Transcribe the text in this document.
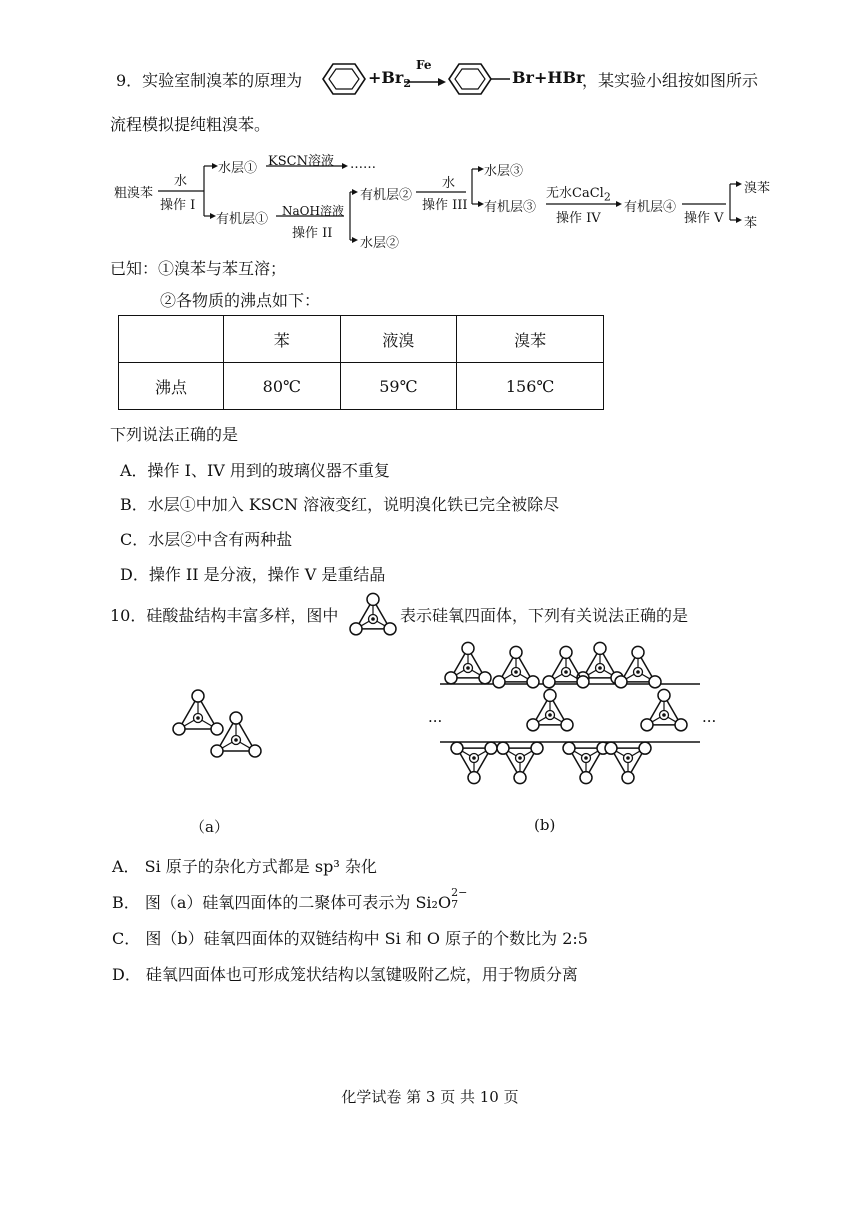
9．实验室制溴苯的原理为	$+Br_2$
Fe
Br+HBr
，某实验小组按如图所示
流程模拟提纯粗溴苯。
粗溴苯
水
操作 I
水层① KSCN溶液 ……
有机层①
NaOH溶液
操作 II
有机层②
水层②
水
操作 III
水层③
有机层③
无水CaCl$_2$
操作 IV
有机层④
操作 V
溴苯
苯
已知：①溴苯与苯互溶；
②各物质的沸点如下：
	苯	液溴	溴苯
沸点	80℃	59℃	156℃
下列说法正确的是
A．操作 I、IV 用到的玻璃仪器不重复
B．水层①中加入 KSCN 溶液变红，说明溴化铁已完全被除尽
C．水层②中含有两种盐
D．操作 II 是分液，操作 V 是重结晶
10．硅酸盐结构丰富多样，图中	表示硅氧四面体，下列有关说法正确的是
···	···
（a）	(b)
A． Si 原子的杂化方式都是 sp³ 杂化
B． 图（a）硅氧四面体的二聚体可表示为 Si₂O
2−
7
C． 图（b）硅氧四面体的双链结构中 Si 和 O 原子的个数比为 2:5
D． 硅氧四面体也可形成笼状结构以氢键吸附乙烷，用于物质分离
化学试卷 第 3 页 共 10 页
